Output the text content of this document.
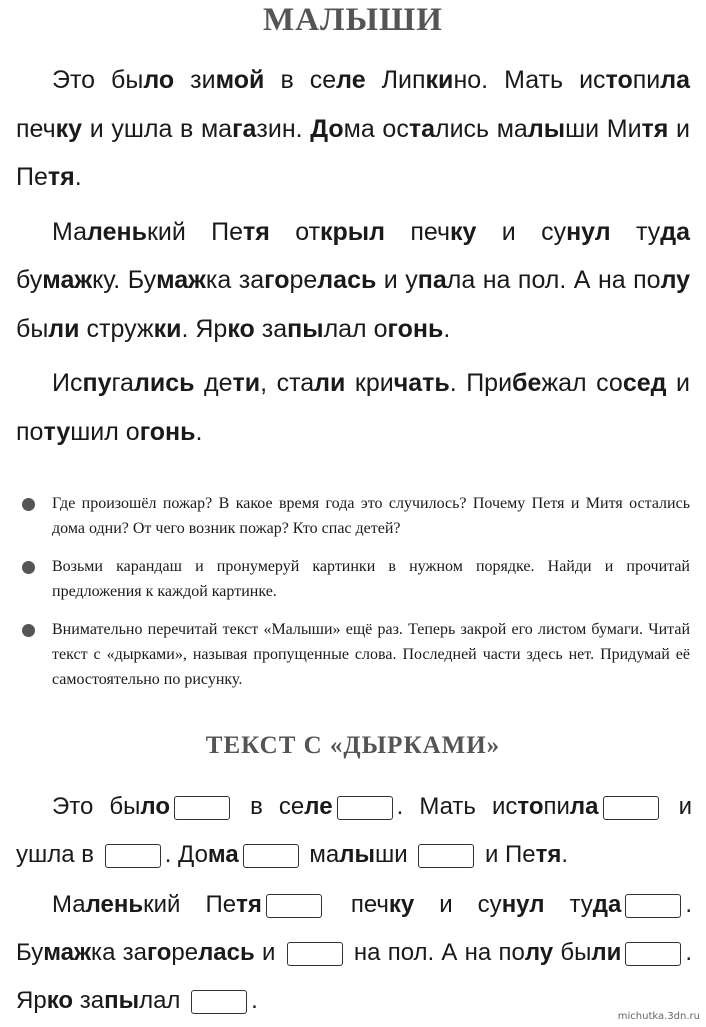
МАЛЫШИ

Это было зимой в селе Липкино. Мать истопила печку и ушла в магазин. Дома остались малыши Митя и Петя.

Маленький Петя открыл печку и сунул туда бумажку. Бумажка загорелась и упала на пол. А на полу были стружки. Ярко запылал огонь.

Испугались дети, стали кричать. Прибежал сосед и потушил огонь.

Где произошёл пожар? В какое время года это случилось? Почему Петя и Митя остались дома одни? От чего возник пожар? Кто спас детей?
Возьми карандаш и пронумеруй картинки в нужном порядке. Найди и прочитай предложения к каждой картинке.
Внимательно перечитай текст «Малыши» ещё раз. Теперь закрой его листом бумаги. Читай текст с «дырками», называя пропущенные слова. Последней части здесь нет. Придумай её самостоятельно по рисунку.
ТЕКСТ С «ДЫРКАМИ»

Это было	в селе	. Мать истопила	и ушла в	. Дома	малыши	и Петя.

Маленький Петя	печку и сунул туда	. Бумажка загорелась и	на пол. А на полу были	. Ярко запылал	.

michutka.3dn.ru
